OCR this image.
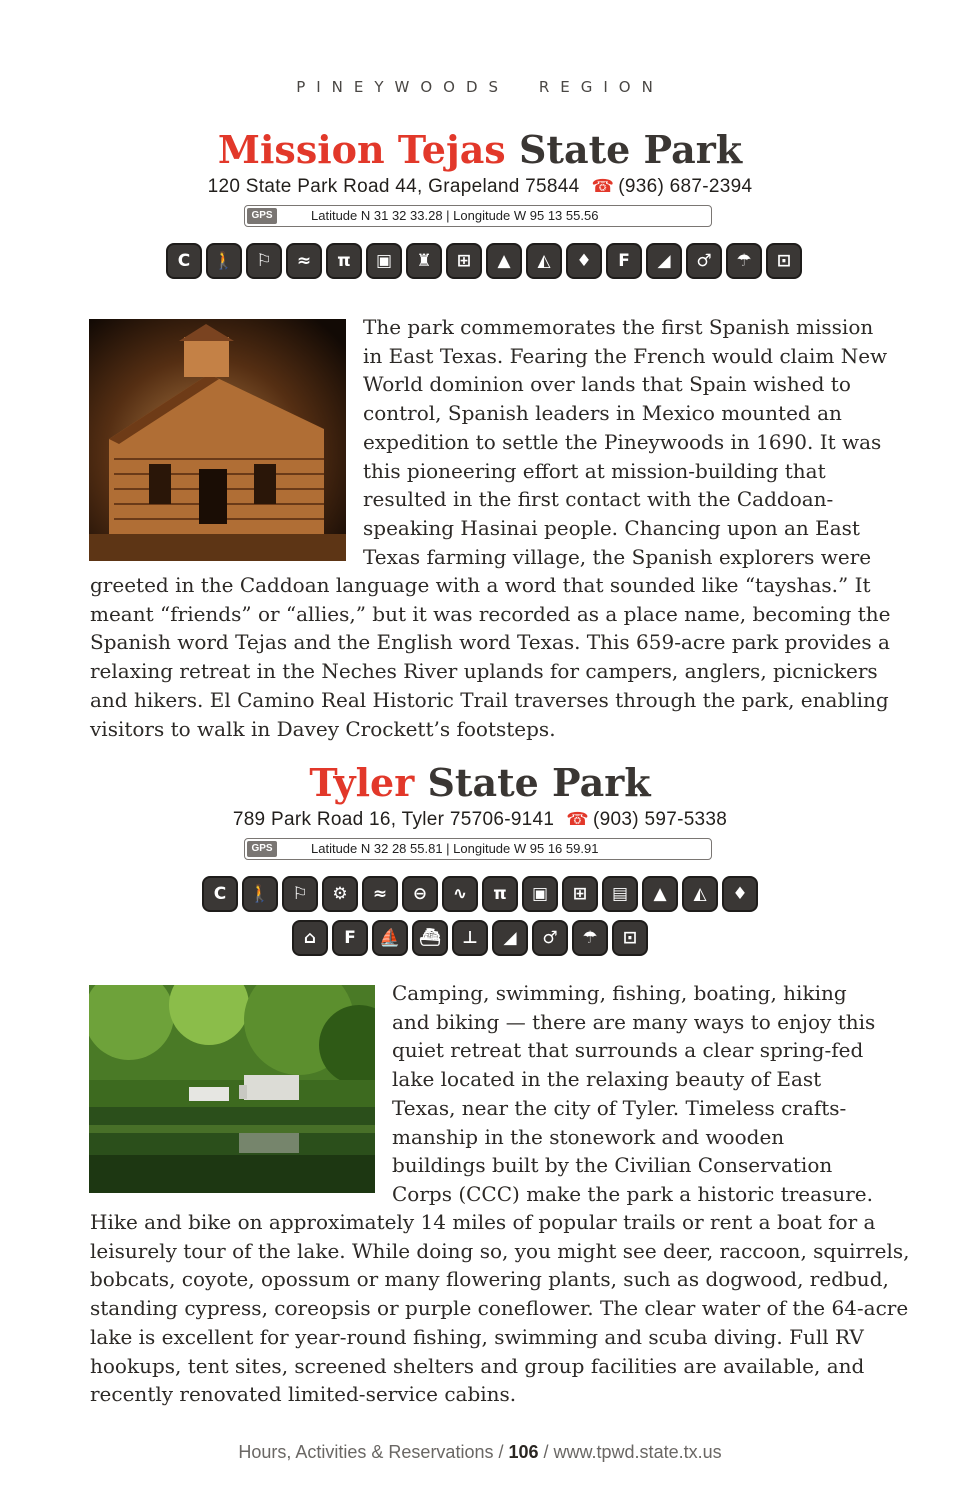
PINEYWOODS REGION
Mission Tejas State Park
120 State Park Road 44, Grapeland 75844 ☎ (936) 687-2394
GPS	Latitude N 31 32 33.28 | Longitude W 95 13 55.56
C	🚶	⚐	≈	π	▣	♜	⊞	▲	◭	♦	F	◢	♂	☂	⊡

The park commemorates the first Spanish mission
in East Texas. Fearing the French would claim New
World dominion over lands that Spain wished to
control, Spanish leaders in Mexico mounted an
expedition to settle the Pineywoods in 1690. It was
this pioneering effort at mission-building that
resulted in the first contact with the Caddoan-
speaking Hasinai people. Chancing upon an East
Texas farming village, the Spanish explorers were

greeted in the Caddoan language with a word that sounded like “tayshas.” It
meant “friends” or “allies,” but it was recorded as a place name, becoming the
Spanish word Tejas and the English word Texas. This 659-acre park provides a
relaxing retreat in the Neches River uplands for campers, anglers, picnickers
and hikers. El Camino Real Historic Trail traverses through the park, enabling
visitors to walk in Davey Crockett’s footsteps.

Tyler State Park
789 Park Road 16, Tyler 75706-9141 ☎ (903) 597-5338
GPS	Latitude N 32 28 55.81 | Longitude W 95 16 59.91
C	🚶	⚐	⚙	≈	⊖	∿	π	▣	⊞	▤	▲	◭	♦
⌂	F	⛵	⛴	⊥	◢	♂	☂	⊡

Camping, swimming, fishing, boating, hiking
and biking — there are many ways to enjoy this
quiet retreat that surrounds a clear spring-fed
lake located in the relaxing beauty of East
Texas, near the city of Tyler. Timeless crafts-
manship in the stonework and wooden
buildings built by the Civilian Conservation
Corps (CCC) make the park a historic treasure.

Hike and bike on approximately 14 miles of popular trails or rent a boat for a
leisurely tour of the lake. While doing so, you might see deer, raccoon, squirrels,
bobcats, coyote, opossum or many flowering plants, such as dogwood, redbud,
standing cypress, coreopsis or purple coneflower. The clear water of the 64-acre
lake is excellent for year-round fishing, swimming and scuba diving. Full RV
hookups, tent sites, screened shelters and group facilities are available, and
recently renovated limited-service cabins.

Hours, Activities & Reservations / 106 / www.tpwd.state.tx.us
